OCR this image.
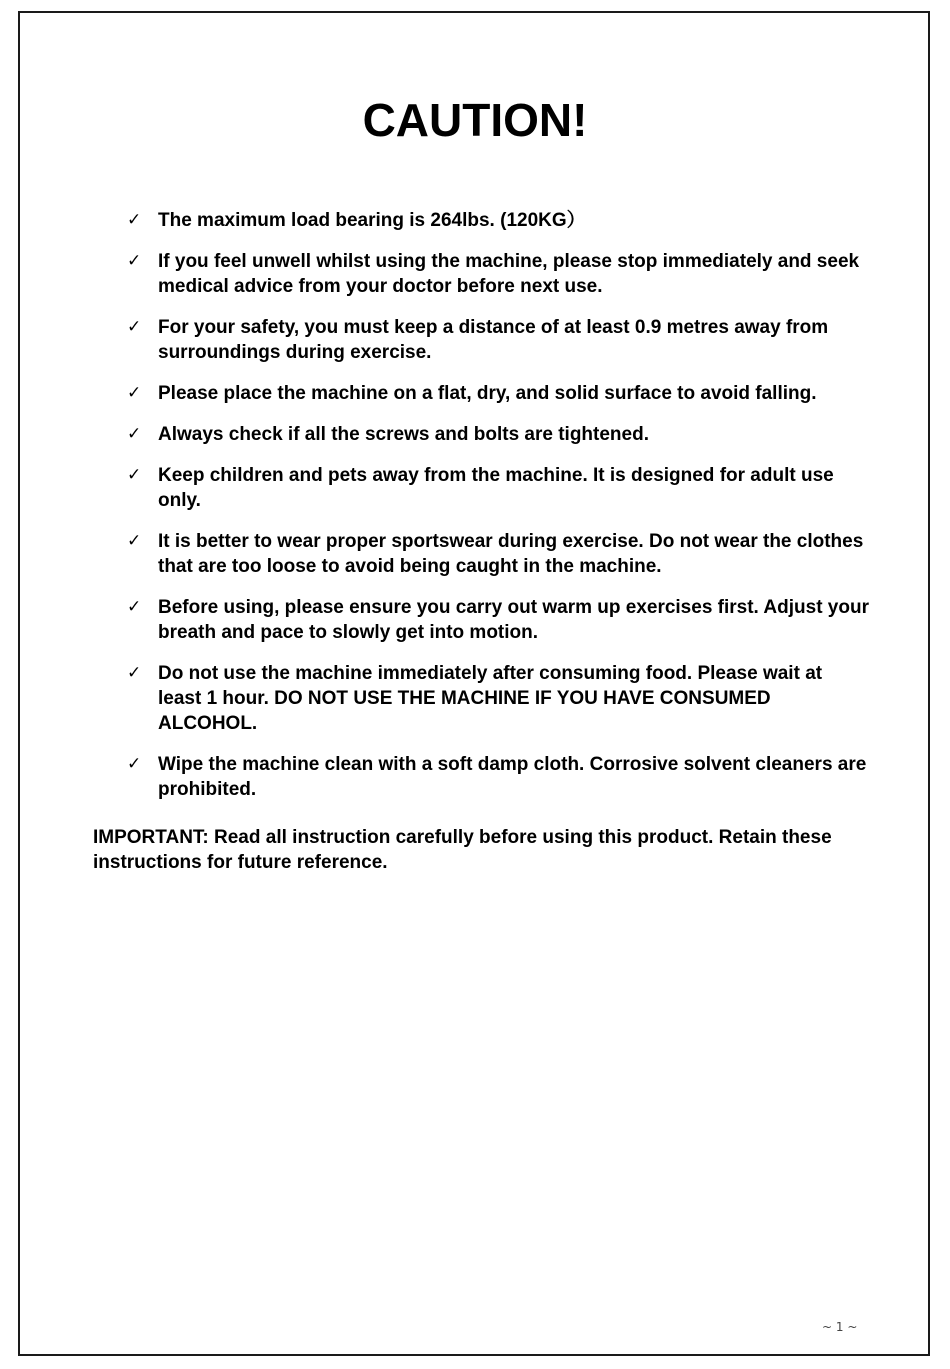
CAUTION!
✓ The maximum load bearing is 264lbs. (120KG）
✓ If you feel unwell whilst using the machine, please stop immediately and seek medical advice from your doctor before next use.
✓ For your safety, you must keep a distance of at least 0.9 metres away from surroundings during exercise.
✓ Please place the machine on a flat, dry, and solid surface to avoid falling.
✓ Always check if all the screws and bolts are tightened.
✓ Keep children and pets away from the machine. It is designed for adult use only.
✓ It is better to wear proper sportswear during exercise. Do not wear the clothes that are too loose to avoid being caught in the machine.
✓ Before using, please ensure you carry out warm up exercises first. Adjust your breath and pace to slowly get into motion.
✓ Do not use the machine immediately after consuming food. Please wait at least 1 hour. DO NOT USE THE MACHINE IF YOU HAVE CONSUMED ALCOHOL.
✓ Wipe the machine clean with a soft damp cloth. Corrosive solvent cleaners are prohibited.

IMPORTANT: Read all instruction carefully before using this product. Retain these instructions for future reference.

~ 1 ~
